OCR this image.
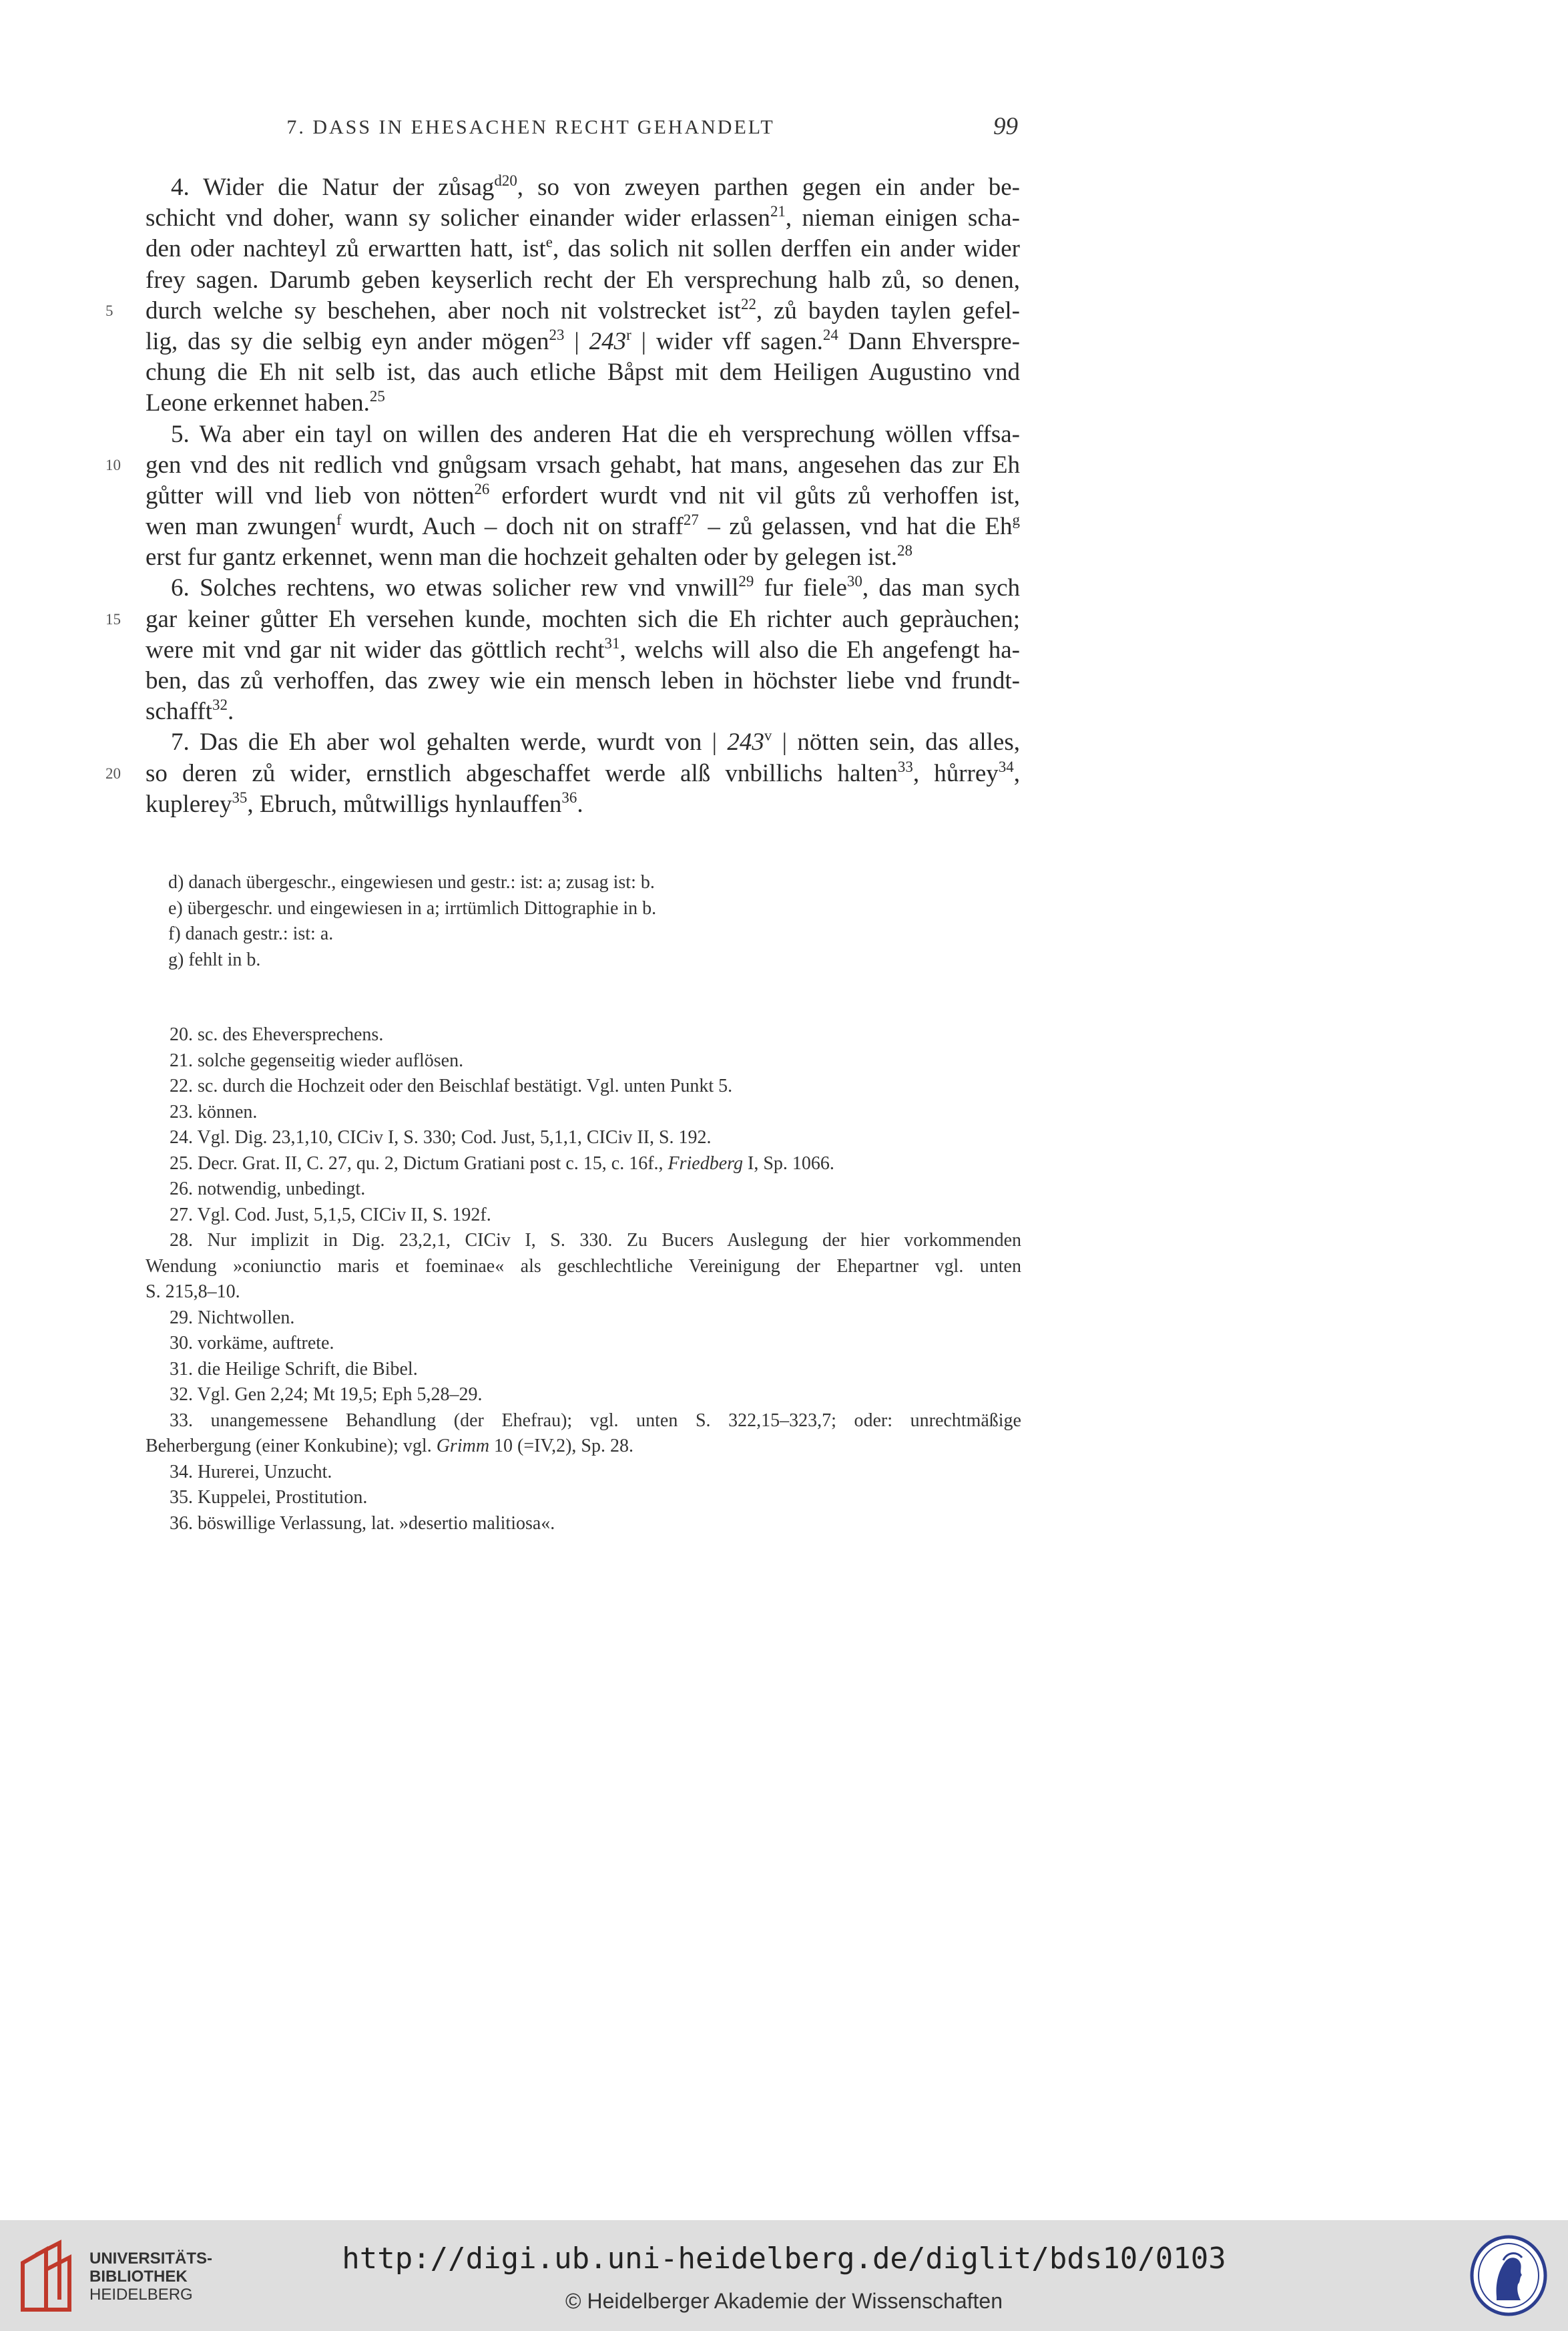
7. DASS IN EHESACHEN RECHT GEHANDELT	99
4. Wider die Natur der zůsag$^{d20}$, so von zweyen parthen gegen ein ander be-
schicht vnd doher, wann sy solicher einander wider erlassen$^{21}$, nieman einigen scha-
den oder nachteyl zů erwartten hatt, ist$^e$, das solich nit sollen derffen ein ander wider
frey sagen. Darumb geben keyserlich recht der Eh versprechung halb zů, so denen,
5	durch welche sy beschehen, aber noch nit volstrecket ist$^{22}$, zů bayden taylen gefel-
lig, das sy die selbig eyn ander mögen$^{23}$ | 243$^r$ | wider vff sagen.$^{24}$ Dann Ehverspre-
chung die Eh nit selb ist, das auch etliche Båpst mit dem Heiligen Augustino vnd
Leone erkennet haben.$^{25}$
5. Wa aber ein tayl on willen des anderen Hat die eh versprechung wöllen vffsa-
10 gen vnd des nit redlich vnd gnůgsam vrsach gehabt, hat mans, angesehen das zur Eh
gůtter will vnd lieb von nötten$^{26}$ erfordert wurdt vnd nit vil gůts zů verhoffen ist,
wen man zwungen$^f$ wurdt, Auch – doch nit on straff$^{27}$ – zů gelassen, vnd hat die Eh$^g$
erst fur gantz erkennet, wenn man die hochzeit gehalten oder by gelegen ist.$^{28}$
6. Solches rechtens, wo etwas solicher rew vnd vnwill$^{29}$ fur fiele$^{30}$, das man sych
15 gar keiner gůtter Eh versehen kunde, mochten sich die Eh richter auch gepràuchen;
were mit vnd gar nit wider das göttlich recht$^{31}$, welchs will also die Eh angefengt ha-
ben, das zů verhoffen, das zwey wie ein mensch leben in höchster liebe vnd frundt-
schafft$^{32}$.
7. Das die Eh aber wol gehalten werde, wurdt von | 243$^v$ | nötten sein, das alles,
20 so deren zů wider, ernstlich abgeschaffet werde alß vnbillichs halten$^{33}$, hůrrey$^{34}$,
kuplerey$^{35}$, Ebruch, můtwilligs hynlauffen$^{36}$.
d) danach übergeschr., eingewiesen und gestr.: ist: a; zusag ist: b.
e) übergeschr. und eingewiesen in a; irrtümlich Dittographie in b.
f) danach gestr.: ist: a.
g) fehlt in b.
20. sc. des Eheversprechens.
21. solche gegenseitig wieder auflösen.
22. sc. durch die Hochzeit oder den Beischlaf bestätigt. Vgl. unten Punkt 5.
23. können.
24. Vgl. Dig. 23,1,10, CICiv I, S. 330; Cod. Just, 5,1,1, CICiv II, S. 192.
25. Decr. Grat. II, C. 27, qu. 2, Dictum Gratiani post c. 15, c. 16f., Friedberg I, Sp. 1066.
26. notwendig, unbedingt.
27. Vgl. Cod. Just, 5,1,5, CICiv II, S. 192f.
28. Nur implizit in Dig. 23,2,1, CICiv I, S. 330. Zu Bucers Auslegung der hier vorkommenden
Wendung »coniunctio maris et foeminae« als geschlechtliche Vereinigung der Ehepartner vgl. unten
S. 215,8–10.
29. Nichtwollen.
30. vorkäme, auftrete.
31. die Heilige Schrift, die Bibel.
32. Vgl. Gen 2,24; Mt 19,5; Eph 5,28–29.
33. unangemessene Behandlung (der Ehefrau); vgl. unten S. 322,15–323,7; oder: unrechtmäßige
Beherbergung (einer Konkubine); vgl. Grimm 10 (=IV,2), Sp. 28.
34. Hurerei, Unzucht.
35. Kuppelei, Prostitution.
36. böswillige Verlassung, lat. »desertio malitiosa«.
UNIVERSITÄTS-
BIBLIOTHEK
HEIDELBERG
http://digi.ub.uni-heidelberg.de/diglit/bds10/0103
© Heidelberger Akademie der Wissenschaften
